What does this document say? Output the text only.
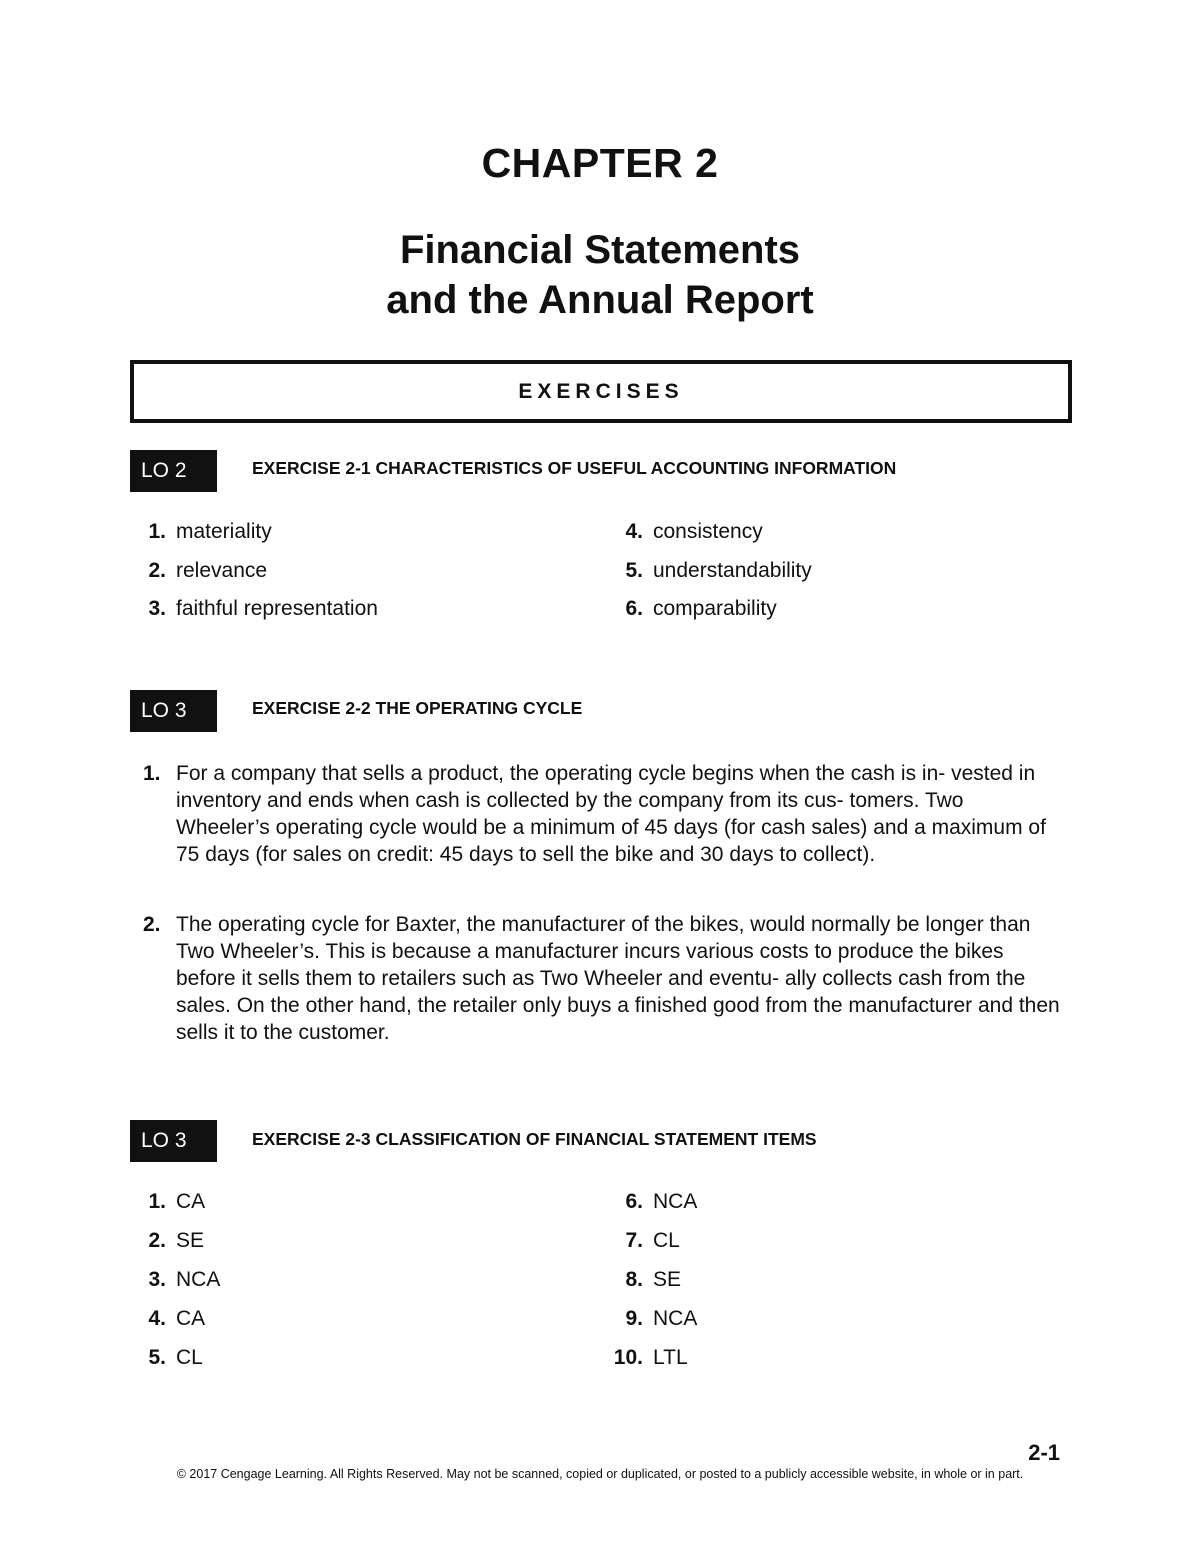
CHAPTER 2
Financial Statements
and the Annual Report
EXERCISES
LO 2	EXERCISE 2-1 CHARACTERISTICS OF USEFUL ACCOUNTING INFORMATION
1. materiality
2. relevance
3. faithful representation
4. consistency
5. understandability
6. comparability
LO 3	EXERCISE 2-2 THE OPERATING CYCLE
1. For a company that sells a product, the operating cycle begins when the cash is in- vested in inventory and ends when cash is collected by the company from its cus- tomers. Two Wheeler’s operating cycle would be a minimum of 45 days (for cash sales) and a maximum of 75 days (for sales on credit: 45 days to sell the bike and 30 days to collect).
2. The operating cycle for Baxter, the manufacturer of the bikes, would normally be longer than Two Wheeler’s. This is because a manufacturer incurs various costs to produce the bikes before it sells them to retailers such as Two Wheeler and eventu- ally collects cash from the sales. On the other hand, the retailer only buys a finished good from the manufacturer and then sells it to the customer.
LO 3	EXERCISE 2-3 CLASSIFICATION OF FINANCIAL STATEMENT ITEMS
1. CA
2. SE
3. NCA
4. CA
5. CL
6. NCA
7. CL
8. SE
9. NCA
10. LTL
2-1
© 2017 Cengage Learning. All Rights Reserved. May not be scanned, copied or duplicated, or posted to a publicly accessible website, in whole or in part.
